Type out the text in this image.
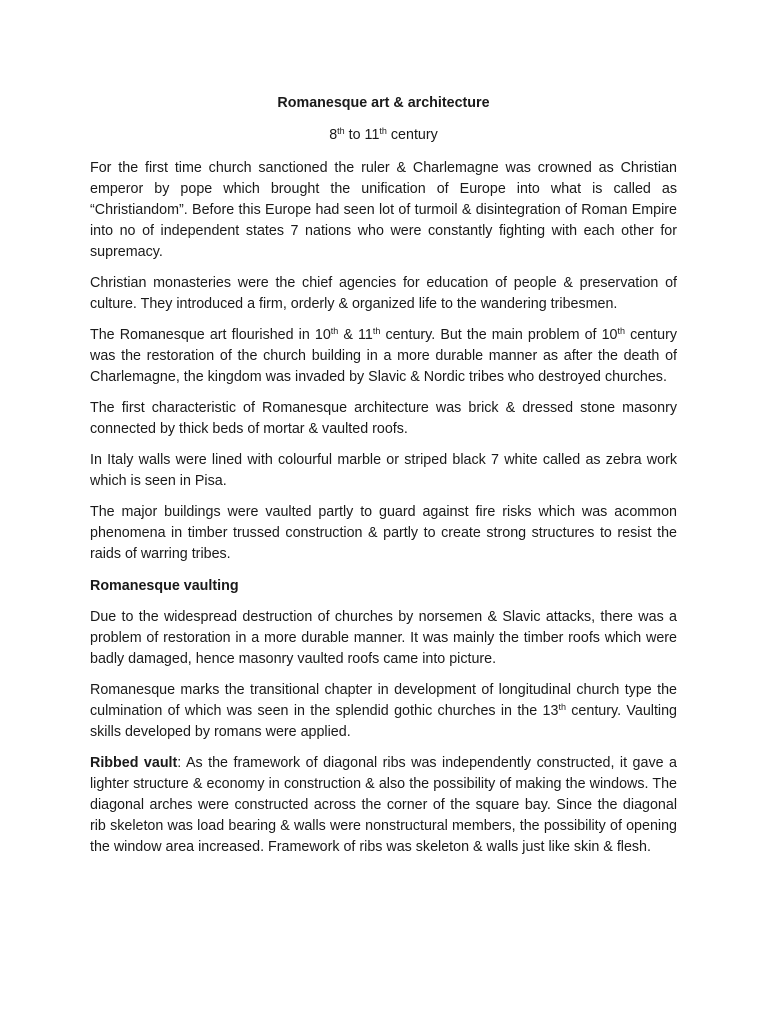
Romanesque art & architecture

8th to 11th century

For the first time church sanctioned the ruler & Charlemagne was crowned as Christian emperor by pope which brought the unification of Europe into what is called as “Christiandom”. Before this Europe had seen lot of turmoil & disintegration of Roman Empire into no of independent states 7 nations who were constantly fighting with each other for supremacy.

Christian monasteries were the chief agencies for education of people & preservation of culture. They introduced a firm, orderly & organized life to the wandering tribesmen.

The Romanesque art flourished in 10th & 11th century. But the main problem of 10th century was the restoration of the church building in a more durable manner as after the death of Charlemagne, the kingdom was invaded by Slavic & Nordic tribes who destroyed churches.

The first characteristic of Romanesque architecture was brick & dressed stone masonry connected by thick beds of mortar & vaulted roofs.

In Italy walls were lined with colourful marble or striped black 7 white called as zebra work which is seen in Pisa.

The major buildings were vaulted partly to guard against fire risks which was acommon phenomena in timber trussed construction & partly to create strong structures to resist the raids of warring tribes.

Romanesque vaulting

Due to the widespread destruction of churches by norsemen & Slavic attacks, there was a problem of restoration in a more durable manner. It was mainly the timber roofs which were badly damaged, hence masonry vaulted roofs came into picture.

Romanesque marks the transitional chapter in development of longitudinal church type the culmination of which was seen in the splendid gothic churches in the 13th century. Vaulting skills developed by romans were applied.

Ribbed vault: As the framework of diagonal ribs was independently constructed, it gave a lighter structure & economy in construction & also the possibility of making the windows. The diagonal arches were constructed across the corner of the square bay. Since the diagonal rib skeleton was load bearing & walls were nonstructural members, the possibility of opening the window area increased. Framework of ribs was skeleton & walls just like skin & flesh.
